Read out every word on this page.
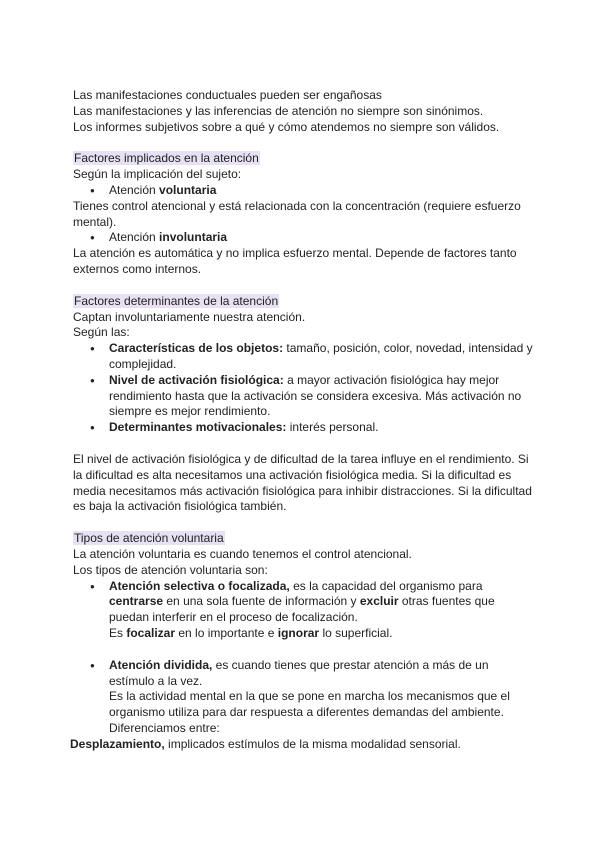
Las manifestaciones conductuales pueden ser engañosas

Las manifestaciones y las inferencias de atención no siempre son sinónimos.

Los informes subjetivos sobre a qué y cómo atendemos no siempre son válidos.

Factores implicados en la atención

Según la implicación del sujeto:

● Atención voluntaria

Tienes control atencional y está relacionada con la concentración (requiere esfuerzo mental).

● Atención involuntaria

La atención es automática y no implica esfuerzo mental. Depende de factores tanto externos como internos.

Factores determinantes de la atención

Captan involuntariamente nuestra atención.

Según las:

● Características de los objetos: tamaño, posición, color, novedad, intensidad y complejidad.
● Nivel de activación fisiológica: a mayor activación fisiológica hay mejor rendimiento hasta que la activación se considera excesiva. Más activación no siempre es mejor rendimiento.
● Determinantes motivacionales: interés personal.

El nivel de activación fisiológica y de dificultad de la tarea influye en el rendimiento. Si la dificultad es alta necesitamos una activación fisiológica media. Si la dificultad es media necesitamos más activación fisiológica para inhibir distracciones. Si la dificultad es baja la activación fisiológica también.

Tipos de atención voluntaria

La atención voluntaria es cuando tenemos el control atencional.

Los tipos de atención voluntaria son:

● Atención selectiva o focalizada, es la capacidad del organismo para centrarse en una sola fuente de información y excluir otras fuentes que puedan interferir en el proceso de focalización.

Es focalizar en lo importante e ignorar lo superficial.

● Atención dividida, es cuando tienes que prestar atención a más de un estímulo a la vez.

Es la actividad mental en la que se pone en marcha los mecanismos que el organismo utiliza para dar respuesta a diferentes demandas del ambiente.

Diferenciamos entre:

Desplazamiento, implicados estímulos de la misma modalidad sensorial.
